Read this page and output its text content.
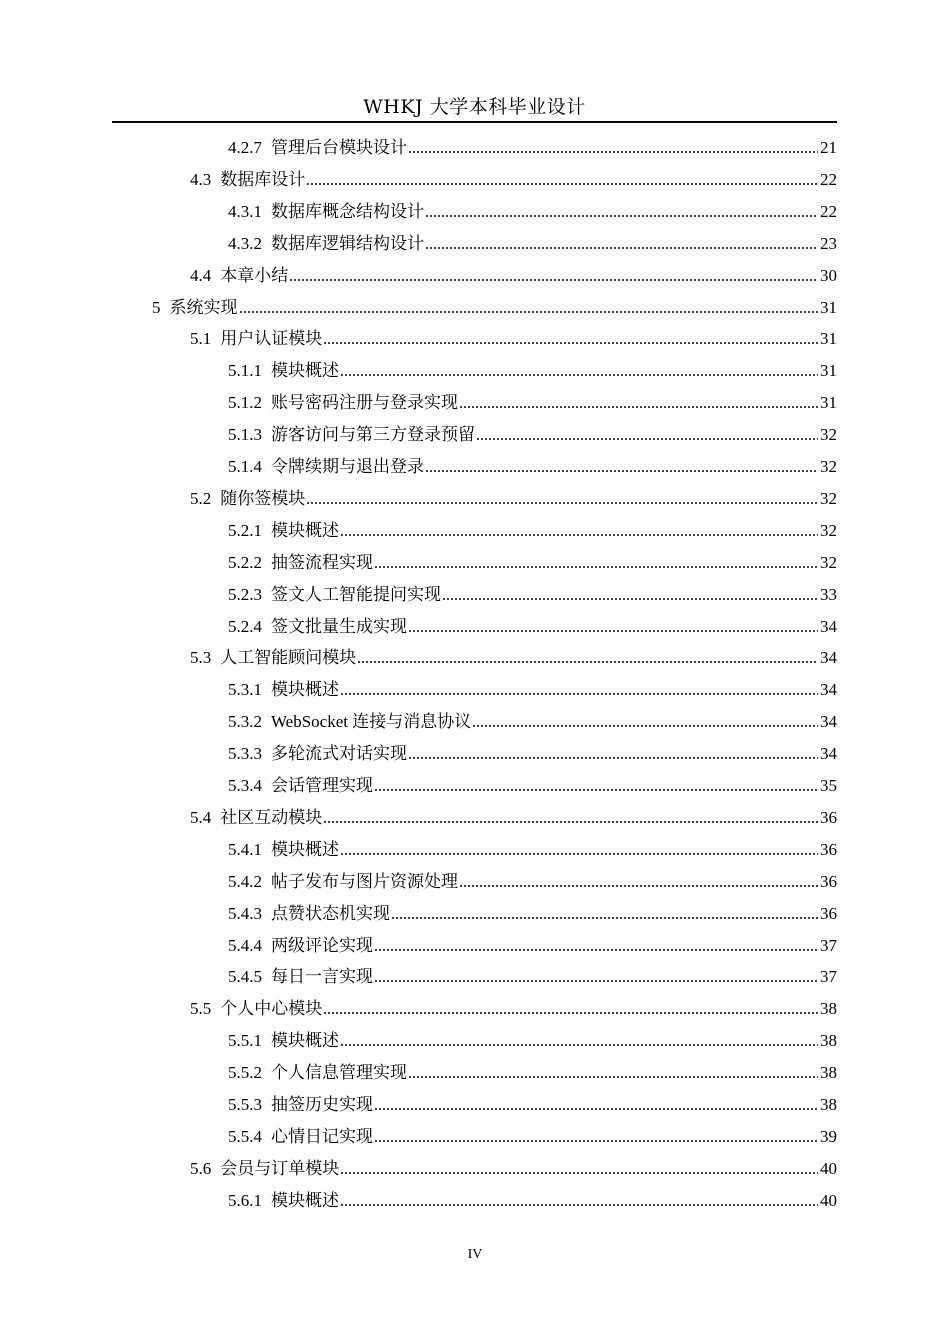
WHKJ 大学本科毕业设计
4.2.7 管理后台模块设计	21
4.3 数据库设计	22
4.3.1 数据库概念结构设计	22
4.3.2 数据库逻辑结构设计	23
4.4 本章小结	30
5 系统实现	31
5.1 用户认证模块	31
5.1.1 模块概述	31
5.1.2 账号密码注册与登录实现	31
5.1.3 游客访问与第三方登录预留	32
5.1.4 令牌续期与退出登录	32
5.2 随你签模块	32
5.2.1 模块概述	32
5.2.2 抽签流程实现	32
5.2.3 签文人工智能提问实现	33
5.2.4 签文批量生成实现	34
5.3 人工智能顾问模块	34
5.3.1 模块概述	34
5.3.2 WebSocket 连接与消息协议	34
5.3.3 多轮流式对话实现	34
5.3.4 会话管理实现	35
5.4 社区互动模块	36
5.4.1 模块概述	36
5.4.2 帖子发布与图片资源处理	36
5.4.3 点赞状态机实现	36
5.4.4 两级评论实现	37
5.4.5 每日一言实现	37
5.5 个人中心模块	38
5.5.1 模块概述	38
5.5.2 个人信息管理实现	38
5.5.3 抽签历史实现	38
5.5.4 心情日记实现	39
5.6 会员与订单模块	40
5.6.1 模块概述	40
IV
